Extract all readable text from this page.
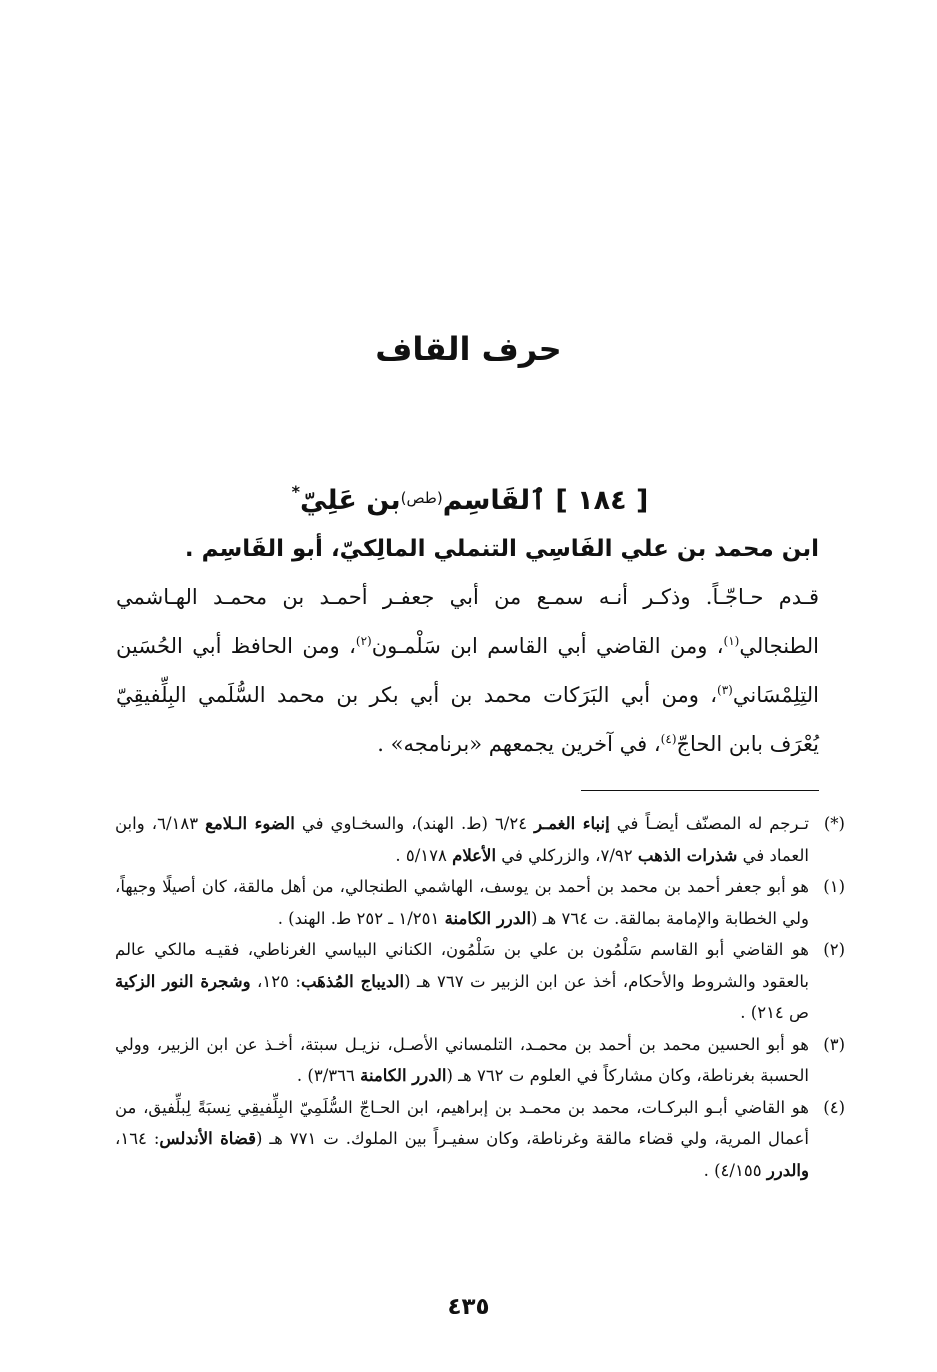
حرف القاف
[ ١٨٤ ] ٱلقَاسِم$^{(طص)}$بن عَلِيّ*
ابن محمد بن علي الفَاسِي التنملي المالِكيّ، أبو القَاسِم .

قـدم حـاجّـاً. وذكـر أنـه سمـع من أبي جعفـر أحمـد بن محمـد الهـاشمي الطنجالي$^{(١)}$، ومن القاضي أبي القاسم ابن سَلْمـون$^{(٢)}$، ومن الحافظ أبي الحُسَين التِلِمْسَاني$^{(٣)}$، ومن أبي البَرَكات محمد بن أبي بكر بن محمد السُّلَمي البِلِّفيقِيّ يُعْرَف بابن الحاجّ$^{(٤)}$، في آخرين يجمعهم «برنامجه» .

(*)
تـرجم له المصنّف أيضـاً في إنباء الغمـر ٦/٢٤ (ط. الهند)، والسخـاوي في الضوء الـلامع ٦/١٨٣، وابن العماد في شذرات الذهب ٧/٩٢، والزركلي في الأعلام ٥/١٧٨ .
(١)
هو أبو جعفر أحمد بن محمد بن أحمد بن يوسف، الهاشمي الطنجالي، من أهل مالقة، كان أصيلًا وجيهاً، ولي الخطابة والإمامة بمالقة. ت ٧٦٤ هـ (الدرر الكامنة ١/٢٥١ ـ ٢٥٢ ط. الهند) .
(٢)
هو القاضي أبو القاسم سَلْمُون بن علي بن سَلْمُون، الكناني البياسي الغرناطي، فقيـه مالكي عالم بالعقود والشروط والأحكام، أخذ عن ابن الزبير ت ٧٦٧ هـ (الديباج المُذهَب: ١٢٥، وشجرة النور الزكية ص ٢١٤) .
(٣)
هو أبو الحسين محمد بن أحمد بن محمـد، التلمساني الأصـل، نزيـل سبتة، أخـذ عن ابن الزبير، وولي الحسبة بغرناطة، وكان مشاركاً في العلوم ت ٧٦٢ هـ (الدرر الكامنة ٣/٣٦٦) .
(٤)
هو القاضي أبـو البركـات، محمد بن محمـد بن إبراهيم، ابن الحـاجّ السُّلَمِيّ البِلِّفيقِي نِسبَةً لِبلِّفيق، من أعمال المرية، ولي قضاء مالقة وغرناطة، وكان سفيـراً بين الملوك. ت ٧٧١ هـ (قضاة الأندلس: ١٦٤، والدرر ٤/١٥٥) .
٤٣٥
